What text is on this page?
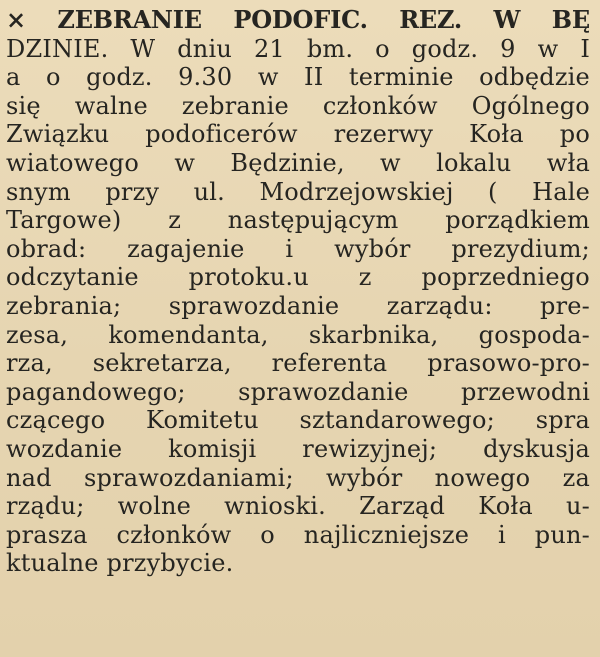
× ZEBRANIE PODOFIC. REZ. W BĘ
DZINIE. W dniu 21 bm. o godz. 9 w I
a o godz. 9.30 w II terminie odbędzie
się walne zebranie członków Ogólnego
Związku podoficerów rezerwy Koła po
wiatowego w Będzinie, w lokalu wła
snym przy ul. Modrzejowskiej ( Hale
Targowe) z następującym porządkiem
obrad: zagajenie i wybór prezydium;
odczytanie protoku.u z poprzedniego
zebrania; sprawozdanie zarządu: pre-
zesa, komendanta, skarbnika, gospoda-
rza, sekretarza, referenta prasowo-pro-
pagandowego; sprawozdanie przewodni
czącego Komitetu sztandarowego; spra
wozdanie komisji rewizyjnej; dyskusja
nad sprawozdaniami; wybór nowego za
rządu; wolne wnioski. Zarząd Koła u-
prasza członków o najliczniejsze i pun-
ktualne przybycie.
